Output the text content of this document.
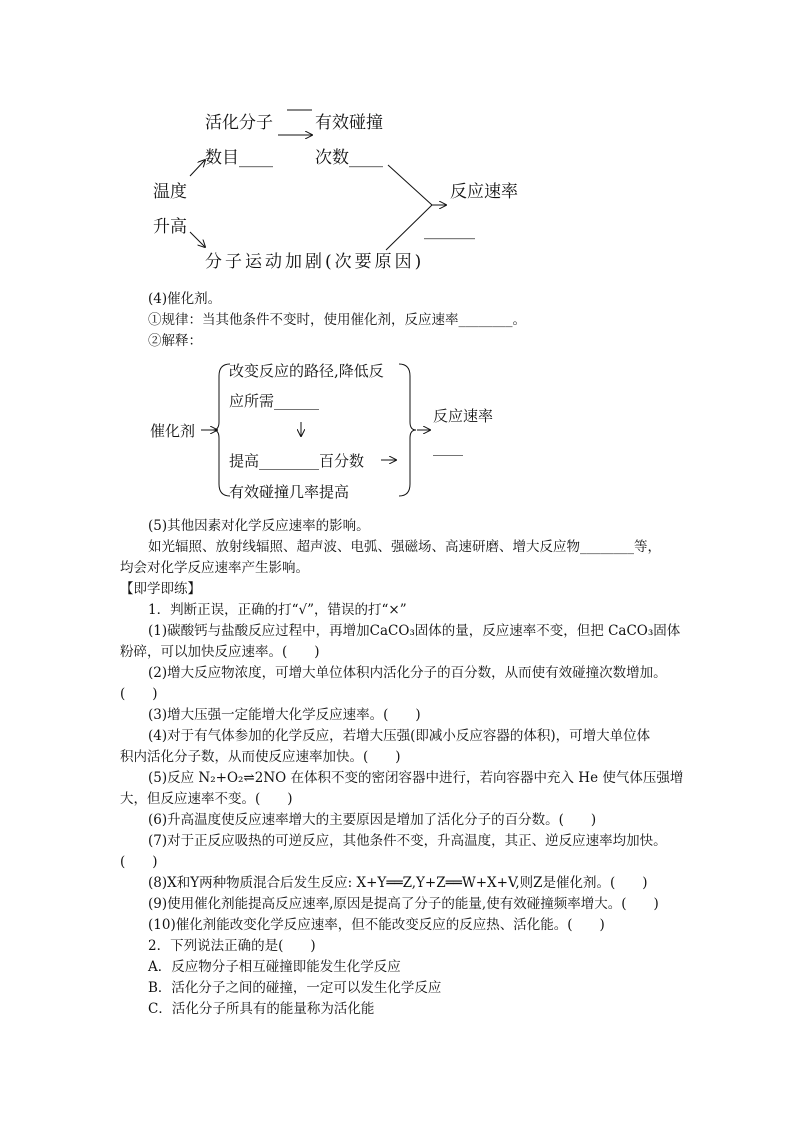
活化分子
数目____
有效碰撞
次数____
温度
升高
反应速率
______
分子运动加剧(次要原因)
(4)催化剂。
①规律：当其他条件不变时，使用催化剂，反应速率________。
②解释：
催化剂
改变反应的路径,降低反
应所需______
提高________百分数
有效碰撞几率提高
反应速率
____
(5)其他因素对化学反应速率的影响。
如光辐照、放射线辐照、超声波、电弧、强磁场、高速研磨、增大反应物________等，
均会对化学反应速率产生影响。
【即学即练】
1．判断正误，正确的打“√”，错误的打“×”
(1)碳酸钙与盐酸反应过程中，再增加CaCO₃固体的量，反应速率不变，但把 CaCO₃固体
粉碎，可以加快反应速率。(　　)
(2)增大反应物浓度，可增大单位体积内活化分子的百分数，从而使有效碰撞次数增加。
(　　)
(3)增大压强一定能增大化学反应速率。(　　)
(4)对于有气体参加的化学反应，若增大压强(即减小反应容器的体积)，可增大单位体
积内活化分子数，从而使反应速率加快。(　　)
(5)反应 N₂+O₂⇌2NO 在体积不变的密闭容器中进行，若向容器中充入 He 使气体压强增
大，但反应速率不变。(　　)
(6)升高温度使反应速率增大的主要原因是增加了活化分子的百分数。(　　)
(7)对于正反应吸热的可逆反应，其他条件不变，升高温度，其正、逆反应速率均加快。
(　　)
(8)X和Y两种物质混合后发生反应: X+Y══Z,Y+Z══W+X+V,则Z是催化剂。(　　)
(9)使用催化剂能提高反应速率,原因是提高了分子的能量,使有效碰撞频率增大。(　　)
(10)催化剂能改变化学反应速率，但不能改变反应的反应热、活化能。(　　)
2．下列说法正确的是(　　)
A．反应物分子相互碰撞即能发生化学反应
B．活化分子之间的碰撞，一定可以发生化学反应
C．活化分子所具有的能量称为活化能
